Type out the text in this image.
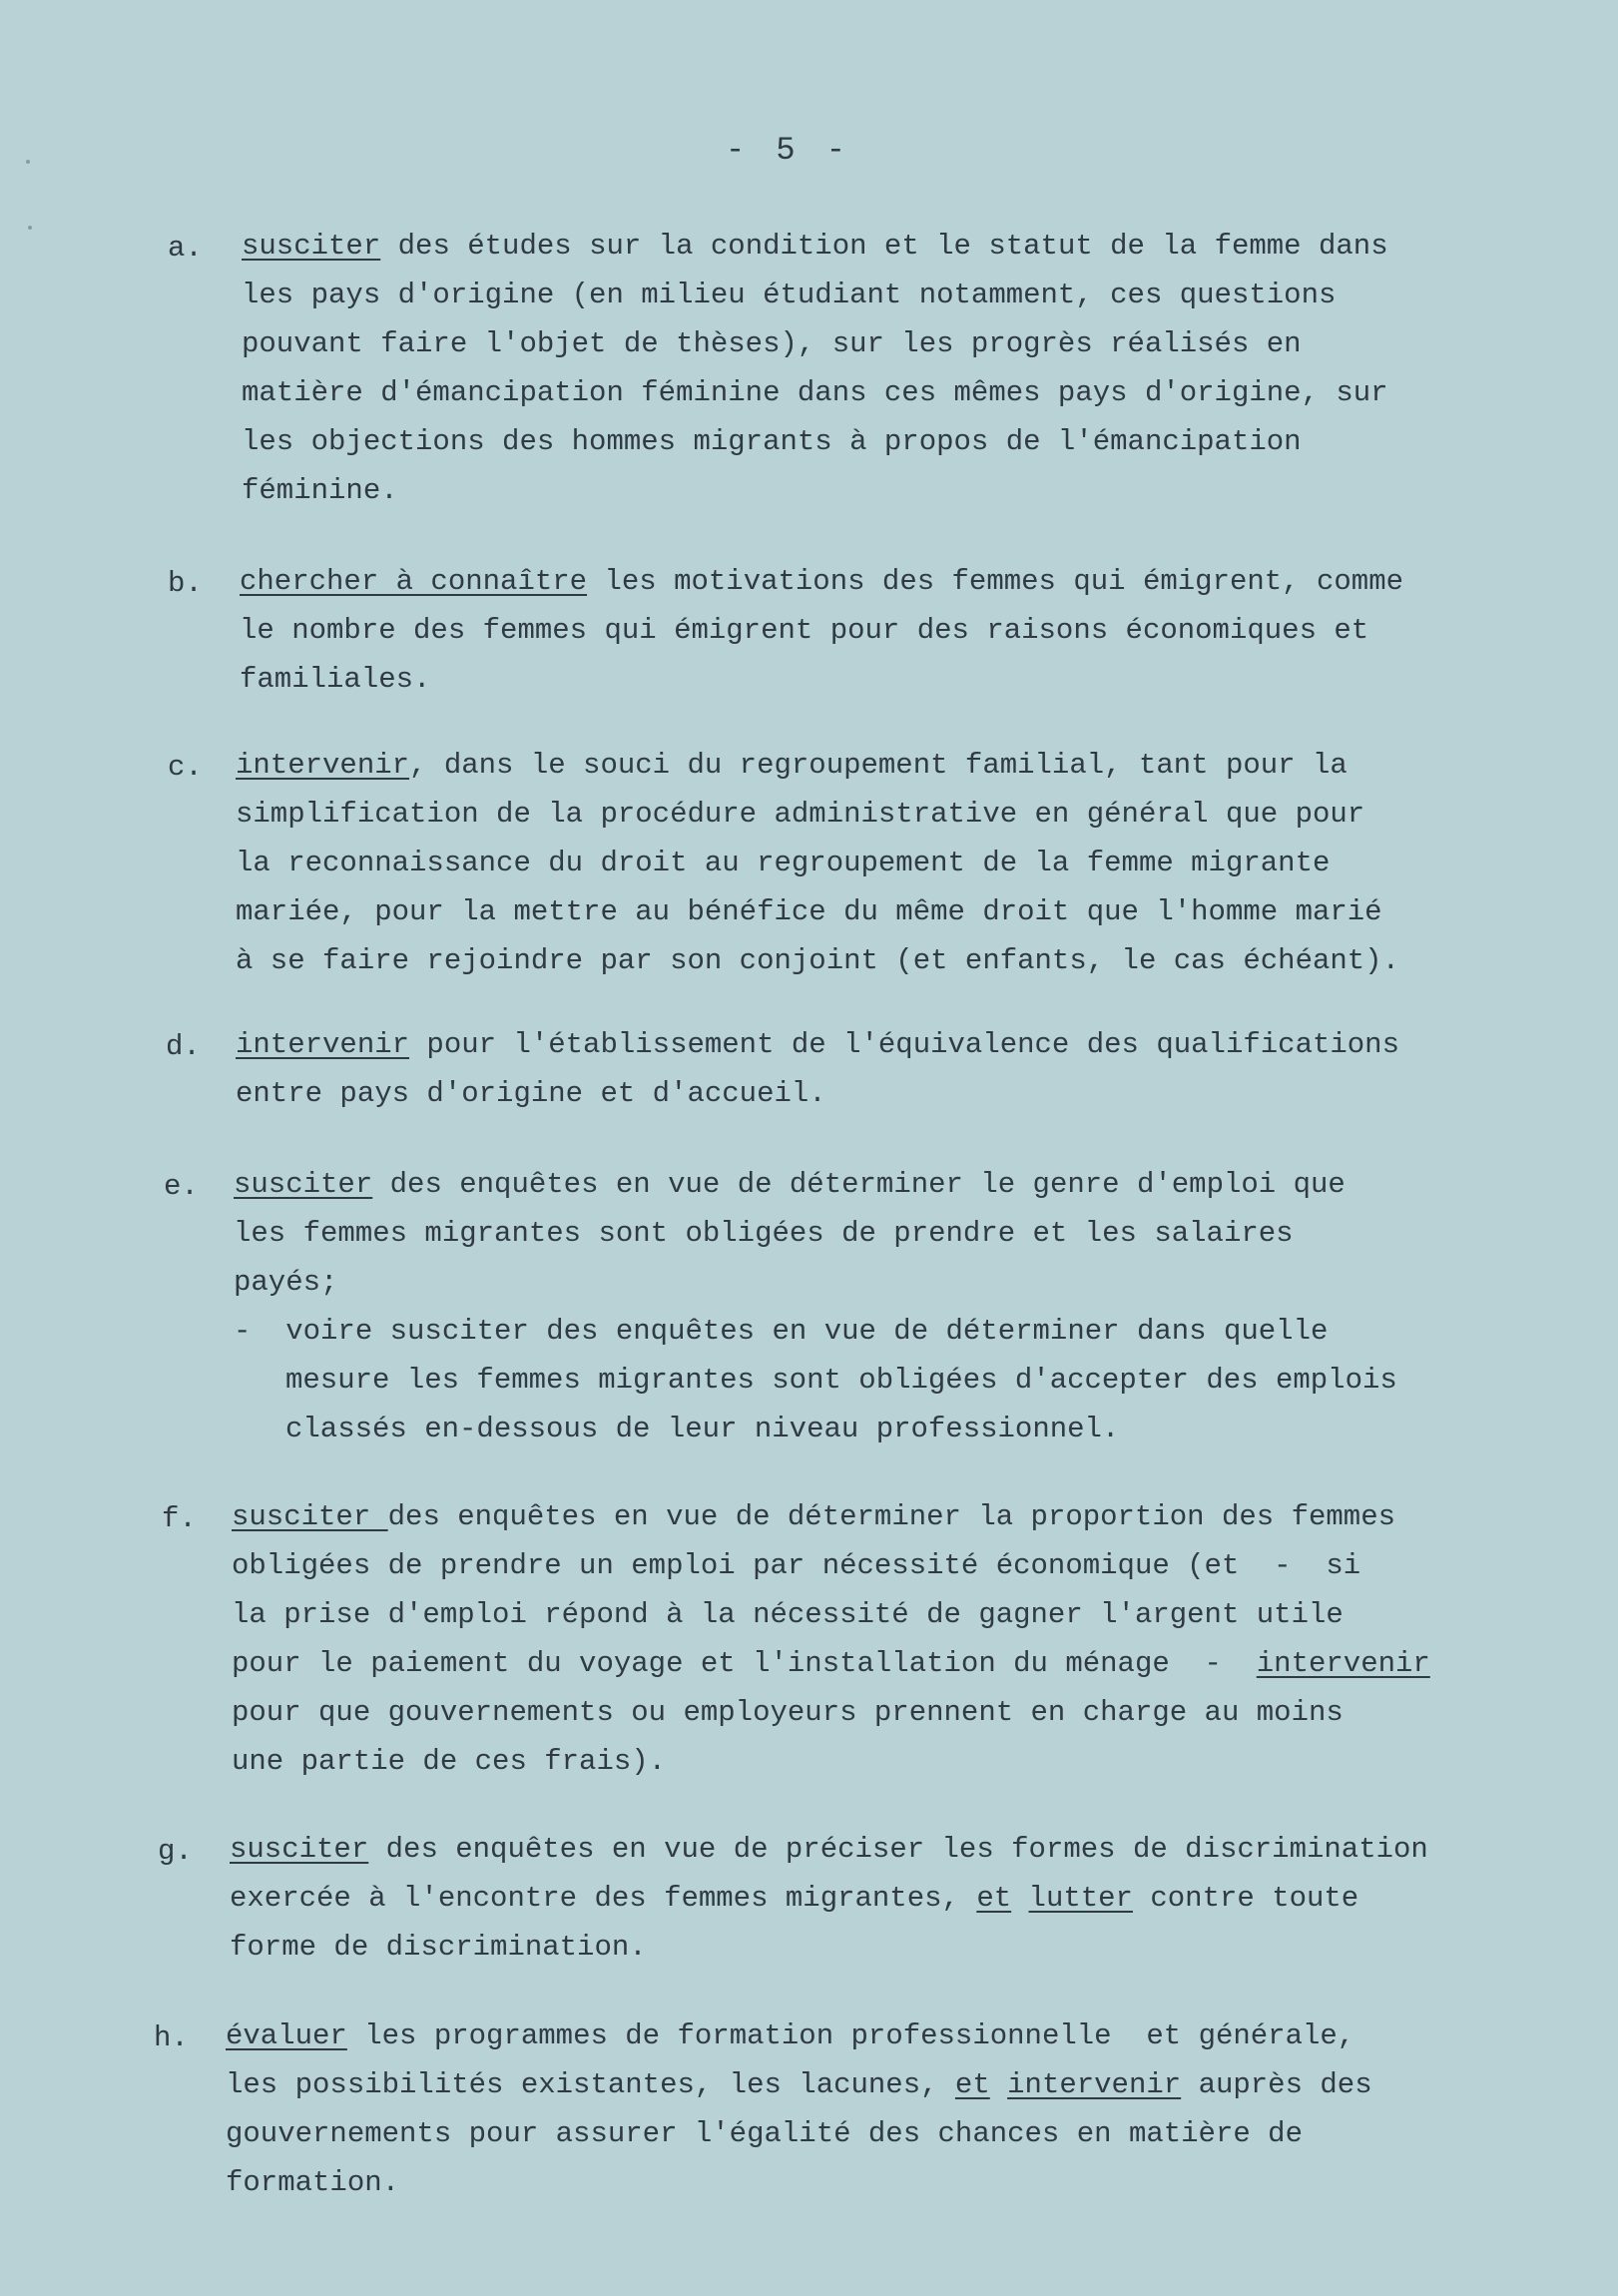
- 5 -
a. susciter des études sur la condition et le statut de la femme dans
les pays d'origine (en milieu étudiant notamment, ces questions
pouvant faire l'objet de thèses), sur les progrès réalisés en
matière d'émancipation féminine dans ces mêmes pays d'origine, sur
les objections des hommes migrants à propos de l'émancipation
féminine.
b. chercher à connaître les motivations des femmes qui émigrent, comme
le nombre des femmes qui émigrent pour des raisons économiques et
familiales.
c. intervenir, dans le souci du regroupement familial, tant pour la
simplification de la procédure administrative en général que pour
la reconnaissance du droit au regroupement de la femme migrante
mariée, pour la mettre au bénéfice du même droit que l'homme marié
à se faire rejoindre par son conjoint (et enfants, le cas échéant).
d. intervenir pour l'établissement de l'équivalence des qualifications
entre pays d'origine et d'accueil.
e. susciter des enquêtes en vue de déterminer le genre d'emploi que
les femmes migrantes sont obligées de prendre et les salaires
payés;
-  voire susciter des enquêtes en vue de déterminer dans quelle
mesure les femmes migrantes sont obligées d'accepter des emplois
classés en-dessous de leur niveau professionnel.
f. susciter des enquêtes en vue de déterminer la proportion des femmes
obligées de prendre un emploi par nécessité économique (et  -  si
la prise d'emploi répond à la nécessité de gagner l'argent utile
pour le paiement du voyage et l'installation du ménage  -  intervenir
pour que gouvernements ou employeurs prennent en charge au moins
une partie de ces frais).
g. susciter des enquêtes en vue de préciser les formes de discrimination
exercée à l'encontre des femmes migrantes, et lutter contre toute
forme de discrimination.
h. évaluer les programmes de formation professionnelle  et générale,
les possibilités existantes, les lacunes, et intervenir auprès des
gouvernements pour assurer l'égalité des chances en matière de
formation.
